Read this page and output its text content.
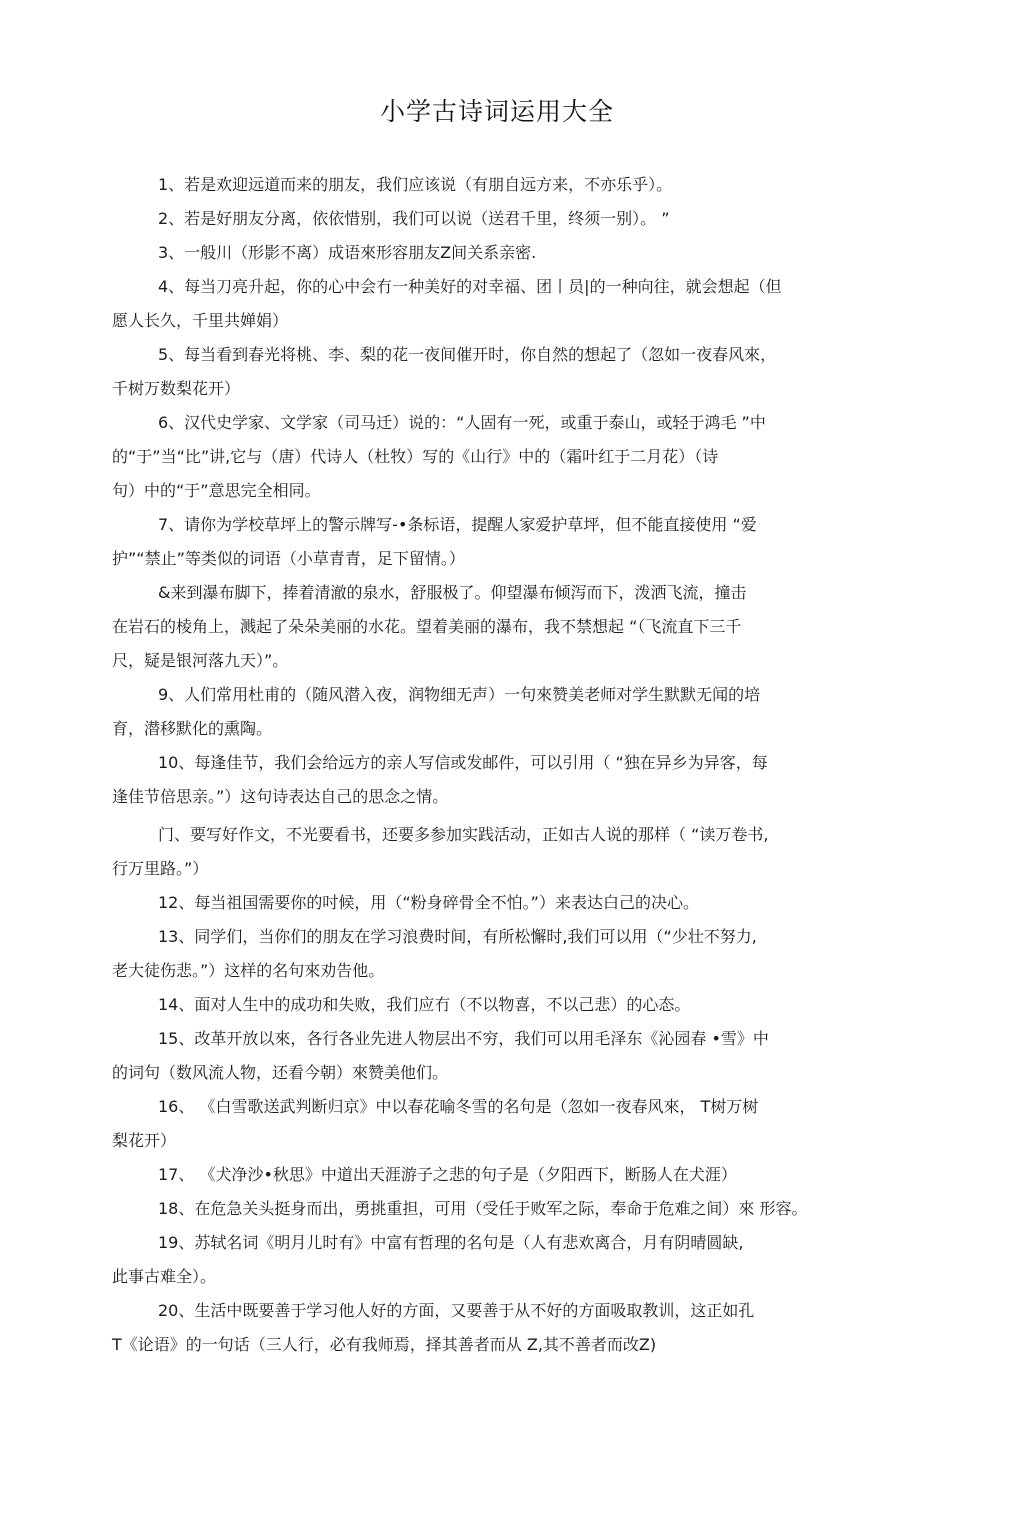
小学古诗词运用大全
1、若是欢迎远道而来的朋友，我们应该说（有朋自远方来，不亦乐乎）。
2、若是好朋友分离，依依惜别，我们可以说（送君千里，终须一别）。 ”
3、一般川（形影不离）成语來形容朋友Z间关系亲密.
4、每当刀亮升起，你的心中会冇一种美好的对幸福、团丨员|的一种向往，就会想起（但
愿人长久，千里共婵娟）
5、每当看到春光将桃、李、梨的花一夜间催开时，你自然的想起了（忽如一夜春风來，
千树万数梨花开）
6、汉代史学家、文学家（司马迁）说的：“人固有一死，或重于泰山，或轻于鸿毛 ”中
的“于”当“比”讲,它与（唐）代诗人（杜牧）写的《山行》中的（霜叶红于二月花）（诗
句）中的“于”意思完全相同。
7、请你为学校草坪上的警示牌写-•条标语，提醒人家爱护草坪，但不能直接使用 “爱
护”“禁止”等类似的词语（小草青青，足下留情。）
&来到瀑布脚下，捧着清澈的泉水，舒服极了。仰望瀑布倾泻而下，泼洒飞流，撞击
在岩石的棱角上，溅起了朵朵美丽的水花。望着美丽的瀑布，我不禁想起 “（飞流直下三千
尺，疑是银河落九天）”。
9、人们常用杜甫的（随风潜入夜，润物细无声）一句來赞美老师对学生默默无闻的培
育，潜移默化的熏陶。
10、每逢佳节，我们会给远方的亲人写信或发邮件，可以引用（ “独在异乡为异客，每
逢佳节倍思亲。”）这句诗表达自己的思念之情。
门、要写好作文，不光要看书，还要多参加实践活动，正如古人说的那样（ “读万卷书,
行万里路。”）
12、每当祖国需要你的吋候，用（“粉身碎骨全不怕。”）来表达白己的决心。
13、同学们，当你们的朋友在学习浪费时间，有所松懈时,我们可以用（“少壮不努力,
老大徒伤悲。”）这样的名句來劝告他。
14、面对人生中的成功和失败，我们应冇（不以物喜，不以己悲）的心态。
15、改革开放以來，各行各业先进人物层出不穷，我们可以用毛泽东《沁园春 •雪》中
的词句（数风流人物，还看今朝）來赞美他们。
16、 《白雪歌送武判断归京》中以春花喻冬雪的名句是（忽如一夜春风來， T树万树
梨花开）
17、 《犬净沙•秋思》中道出天涯游子之悲的句子是（夕阳西下，断肠人在犬涯）
18、在危急关头挺身而出，勇挑重担，可用（受任于败军之际，奉命于危难之间）來 形容。
19、苏轼名词《明月儿时有》中富有哲理的名句是（人有悲欢离合，月有阴晴圆缺,
此事古难全）。
20、生活中既要善于学习他人好的方面，又要善于从不好的方面吸取教训，这正如孔
T《论语》的一句话（三人行，必有我师焉，择其善者而从 Z,其不善者而改Z)
